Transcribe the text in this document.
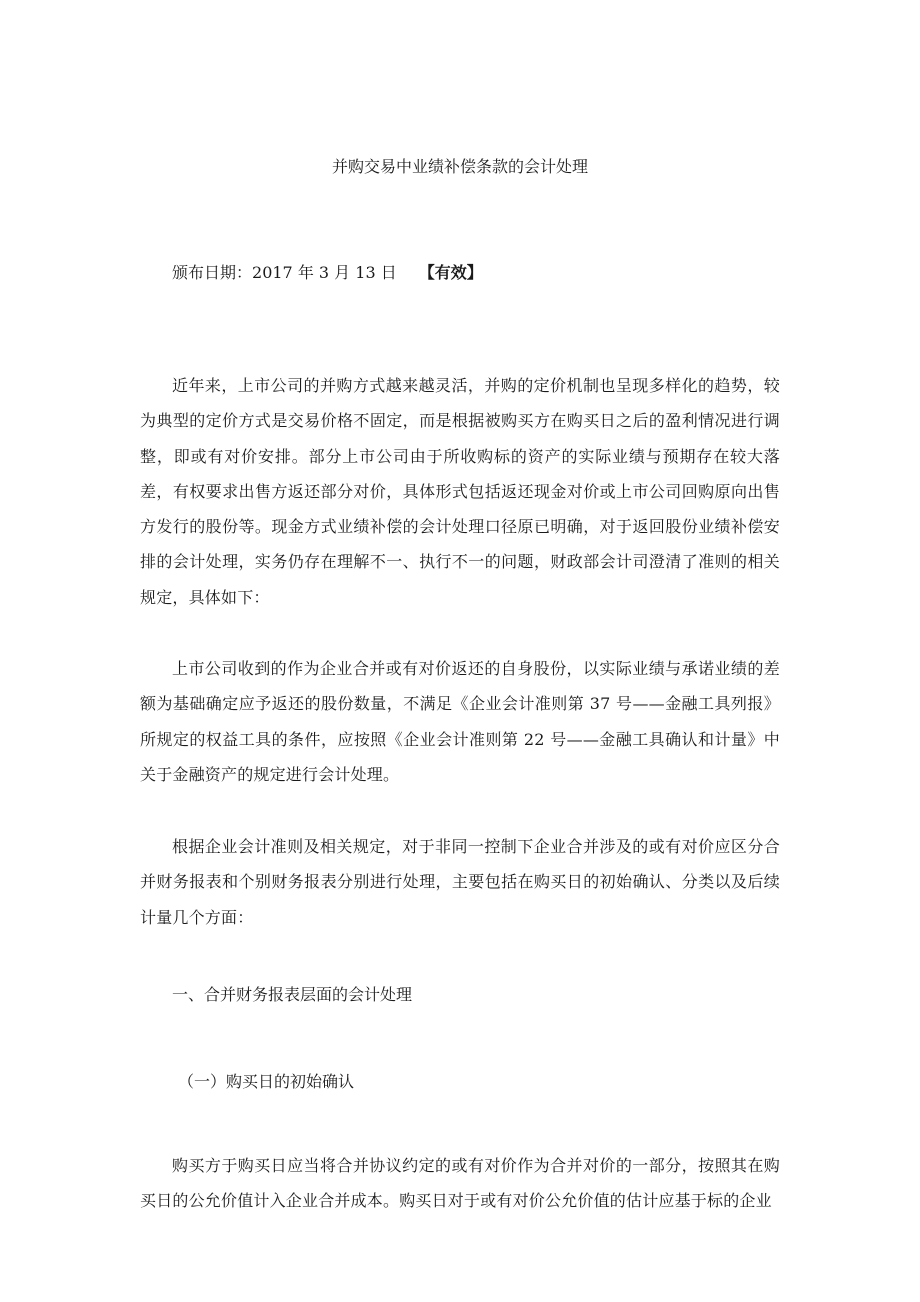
并购交易中业绩补偿条款的会计处理
颁布日期：2017 年 3 月 13 日 【有效】

近年来，上市公司的并购方式越来越灵活，并购的定价机制也呈现多样化的趋势，较为典型的定价方式是交易价格不固定，而是根据被购买方在购买日之后的盈利情况进行调整，即或有对价安排。部分上市公司由于所收购标的资产的实际业绩与预期存在较大落差，有权要求出售方返还部分对价，具体形式包括返还现金对价或上市公司回购原向出售方发行的股份等。现金方式业绩补偿的会计处理口径原已明确，对于返回股份业绩补偿安排的会计处理，实务仍存在理解不一、执行不一的问题，财政部会计司澄清了准则的相关规定，具体如下：

上市公司收到的作为企业合并或有对价返还的自身股份，以实际业绩与承诺业绩的差额为基础确定应予返还的股份数量，不满足《企业会计准则第 37 号——金融工具列报》所规定的权益工具的条件，应按照《企业会计准则第 22 号——金融工具确认和计量》中关于金融资产的规定进行会计处理。

根据企业会计准则及相关规定，对于非同一控制下企业合并涉及的或有对价应区分合并财务报表和个别财务报表分别进行处理，主要包括在购买日的初始确认、分类以及后续计量几个方面：

一、合并财务报表层面的会计处理
（一）购买日的初始确认

购买方于购买日应当将合并协议约定的或有对价作为合并对价的一部分，按照其在购买日的公允价值计入企业合并成本。购买日对于或有对价公允价值的估计应基于标的企业
